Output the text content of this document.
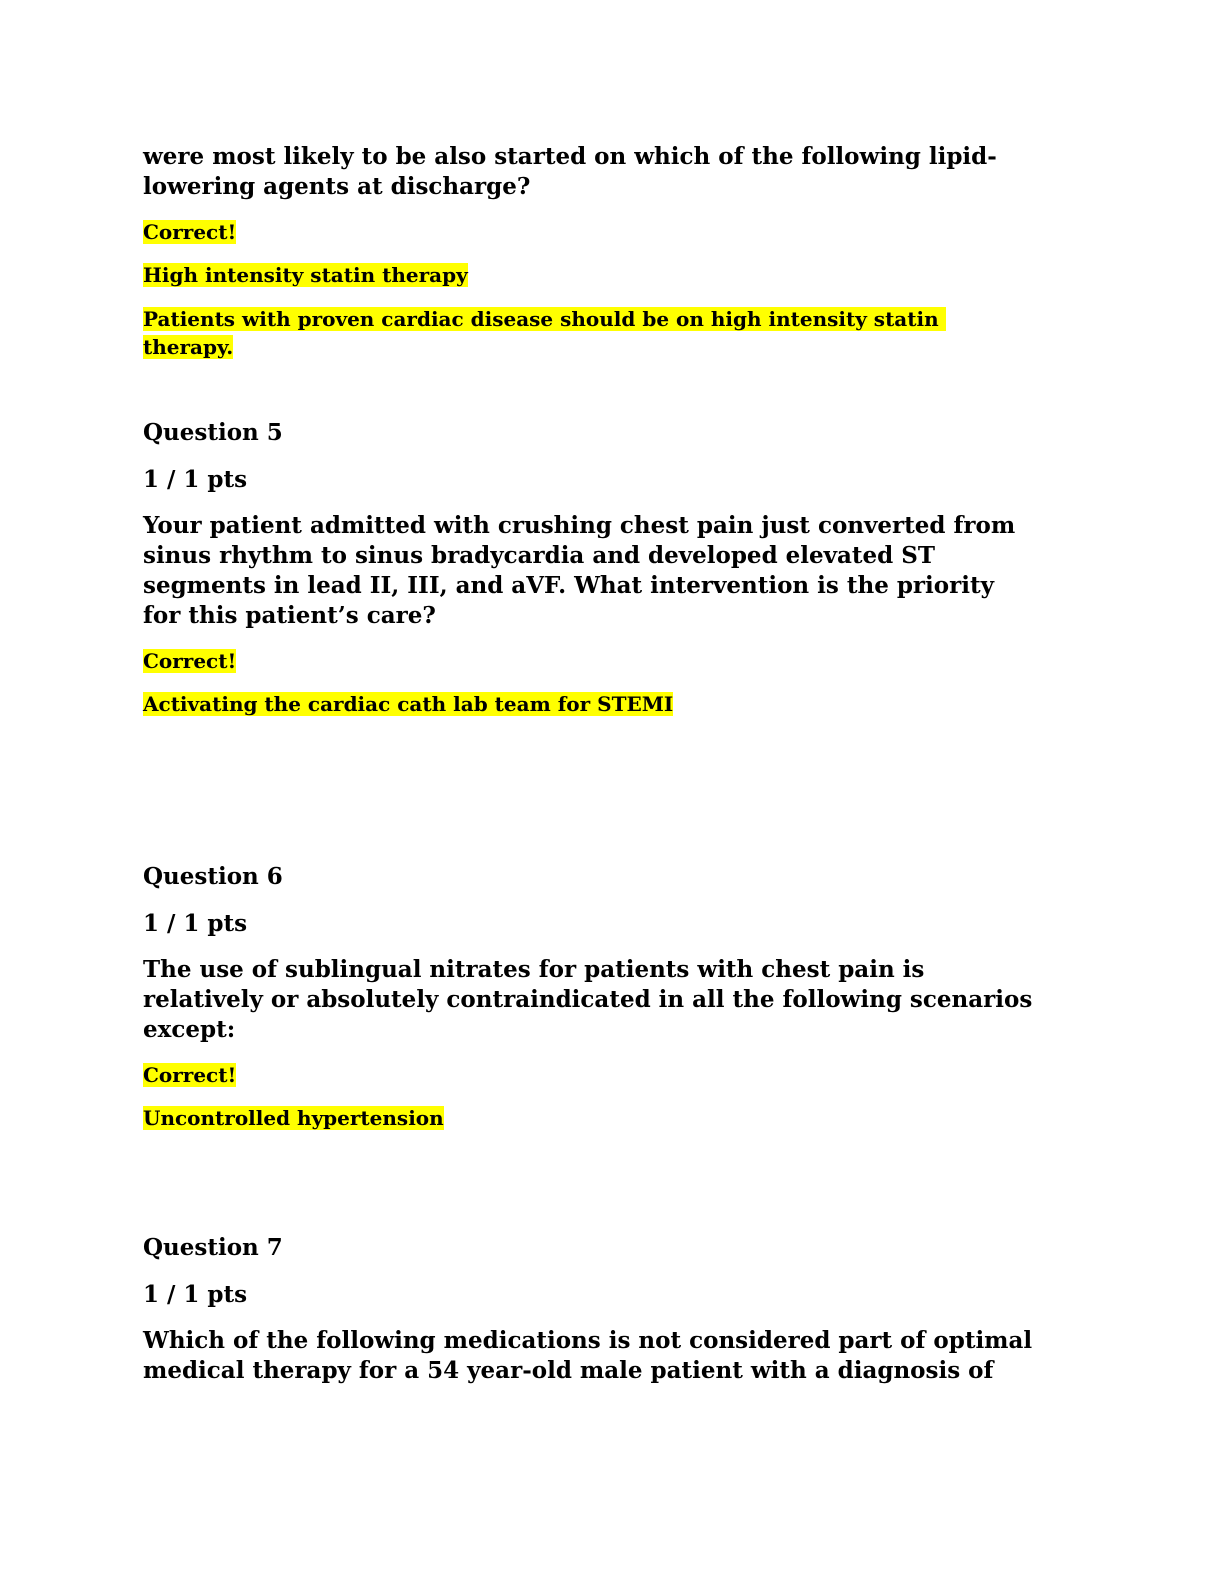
were most likely to be also started on which of the following lipid-
lowering agents at discharge?
Correct!
High intensity statin therapy
Patients with proven cardiac disease should be on high intensity statin
therapy.
Question 5
1 / 1 pts
Your patient admitted with crushing chest pain just converted from
sinus rhythm to sinus bradycardia and developed elevated ST
segments in lead II, III, and aVF. What intervention is the priority
for this patient’s care?
Correct!
Activating the cardiac cath lab team for STEMI
Question 6
1 / 1 pts
The use of sublingual nitrates for patients with chest pain is
relatively or absolutely contraindicated in all the following scenarios
except:
Correct!
Uncontrolled hypertension
Question 7
1 / 1 pts
Which of the following medications is not considered part of optimal
medical therapy for a 54 year-old male patient with a diagnosis of
